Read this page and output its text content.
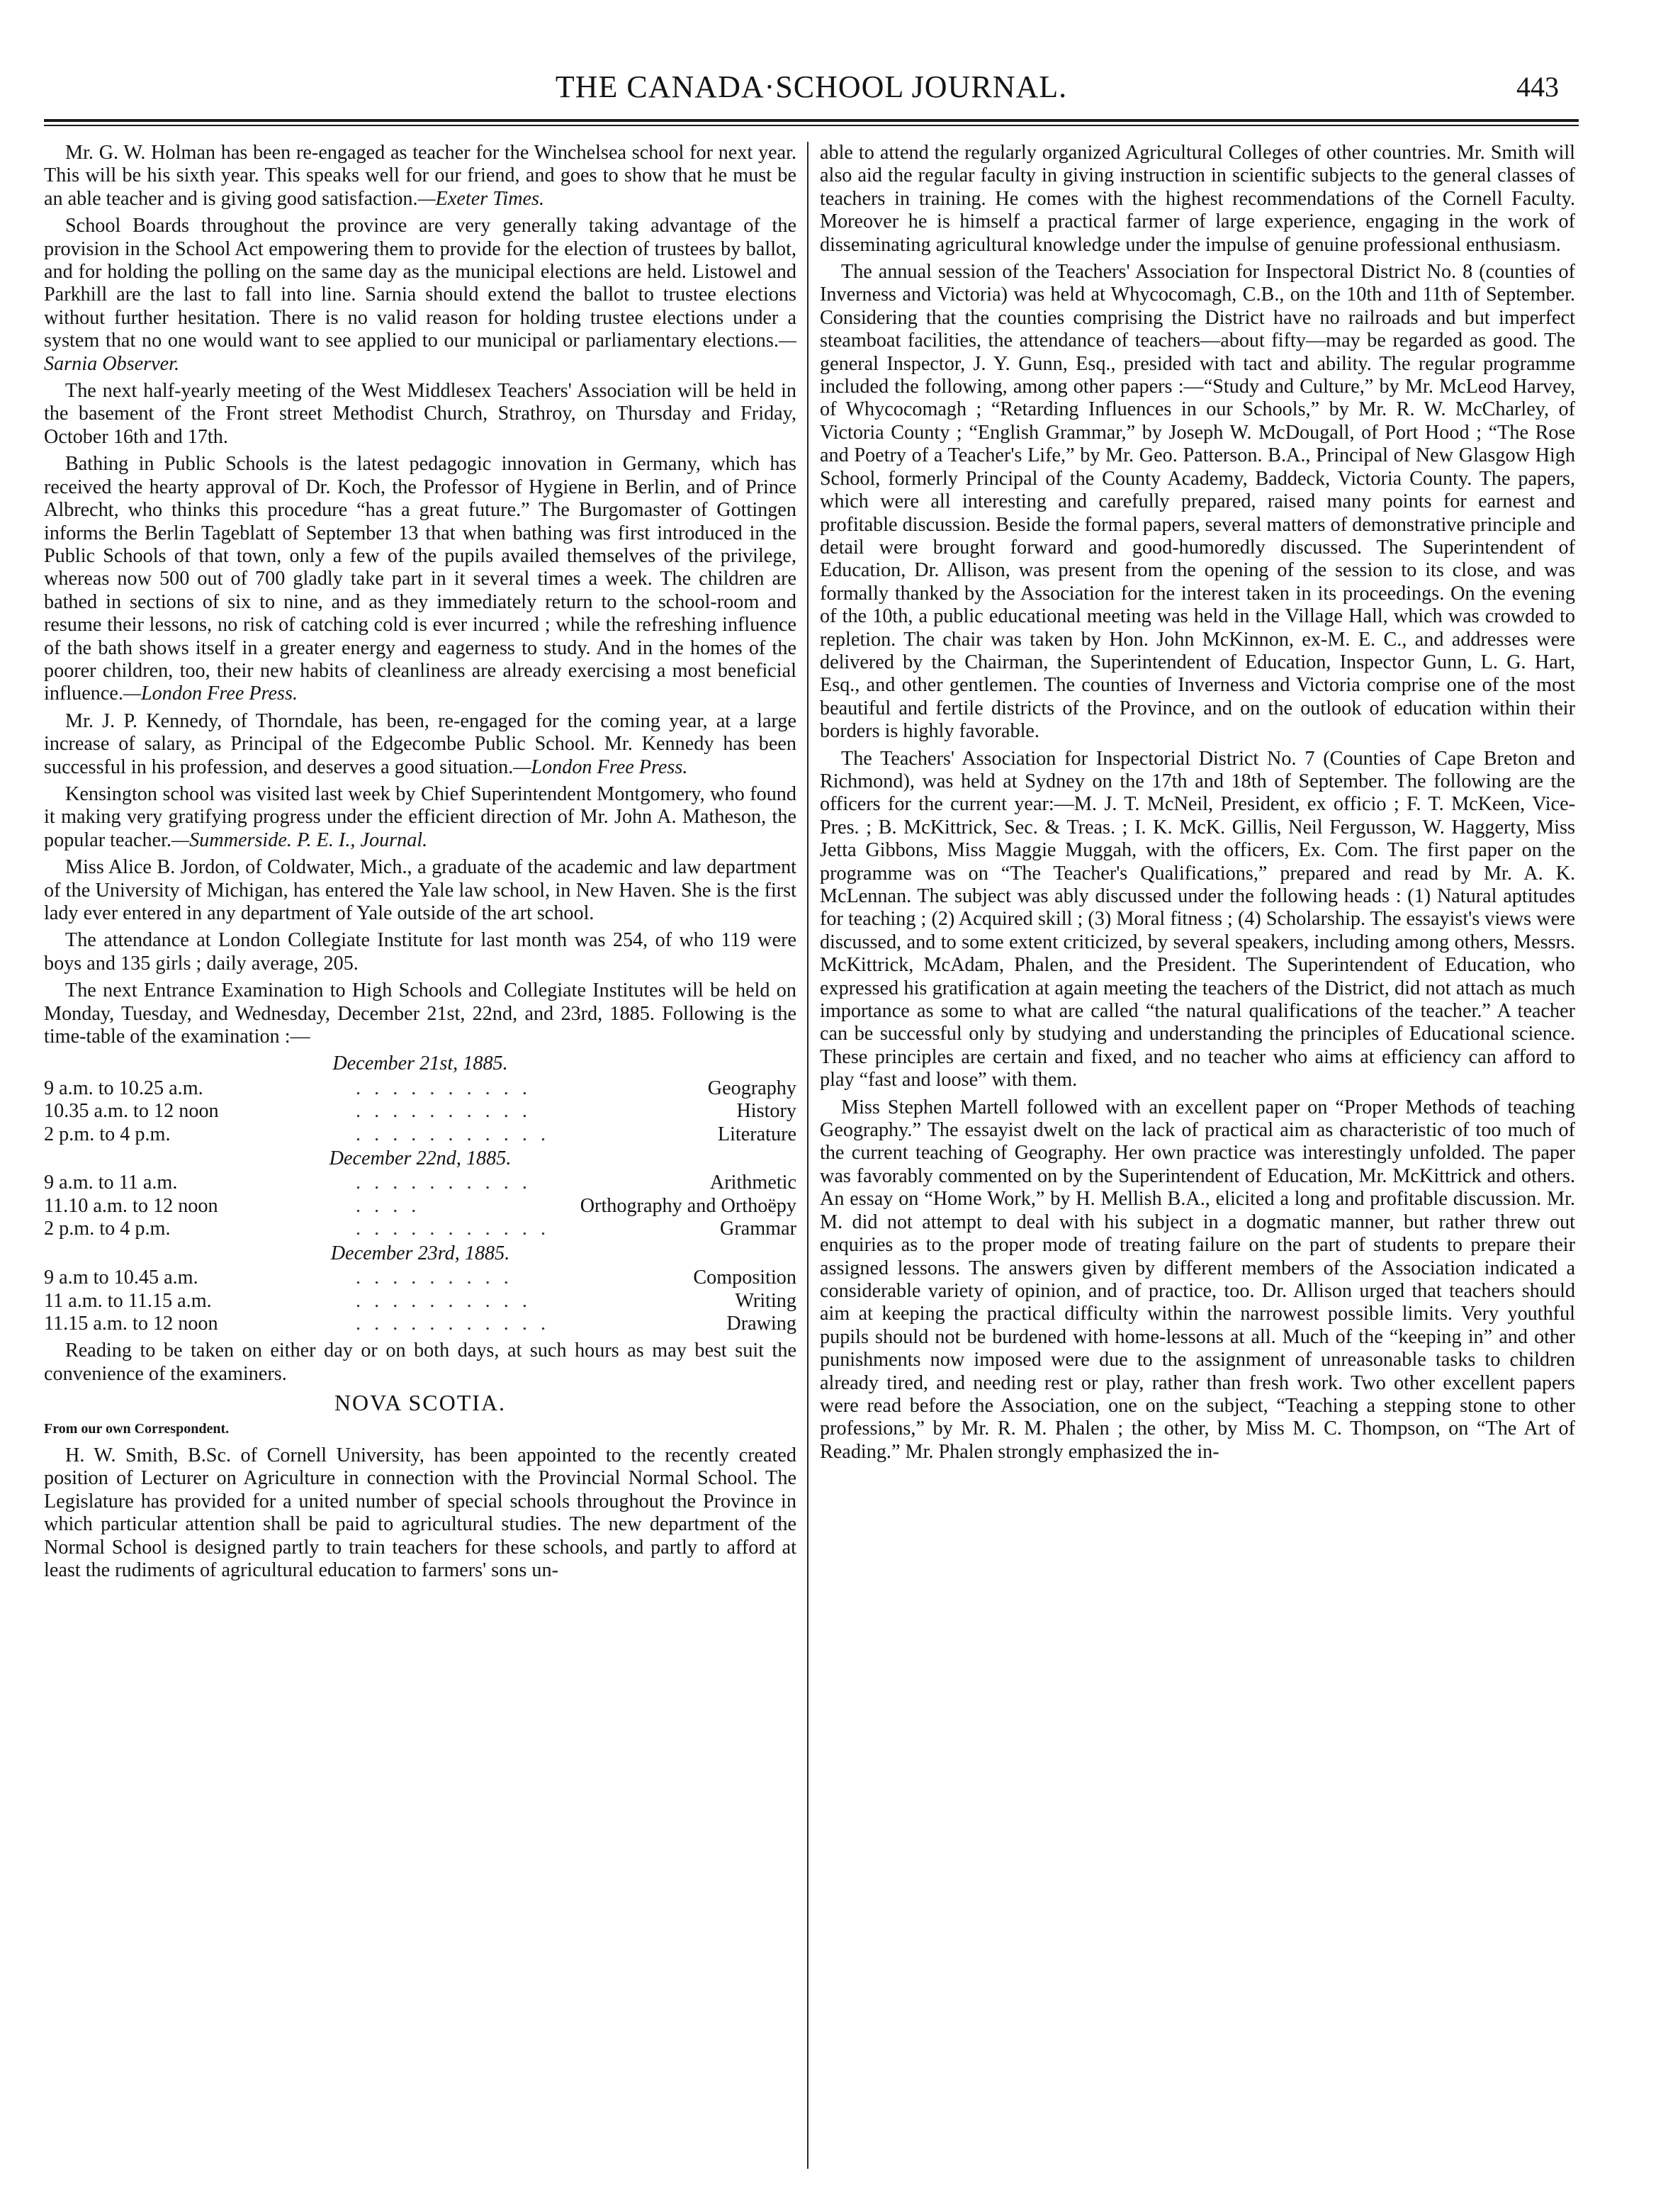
THE CANADA·SCHOOL JOURNAL.	443

Mr. G. W. Holman has been re-engaged as teacher for the Winchelsea school for next year. This will be his sixth year. This speaks well for our friend, and goes to show that he must be an able teacher and is giving good satisfaction.—Exeter Times.

School Boards throughout the province are very generally taking advantage of the provision in the School Act empowering them to provide for the election of trustees by ballot, and for holding the polling on the same day as the municipal elections are held. Listowel and Parkhill are the last to fall into line. Sarnia should extend the ballot to trustee elections without further hesitation. There is no valid reason for holding trustee elections under a system that no one would want to see applied to our municipal or parliamentary elections.—Sarnia Observer.

The next half-yearly meeting of the West Middlesex Teachers' Association will be held in the basement of the Front street Methodist Church, Strathroy, on Thursday and Friday, October 16th and 17th.

Bathing in Public Schools is the latest pedagogic innovation in Germany, which has received the hearty approval of Dr. Koch, the Professor of Hygiene in Berlin, and of Prince Albrecht, who thinks this procedure “has a great future.” The Burgomaster of Gottingen informs the Berlin Tageblatt of September 13 that when bathing was first introduced in the Public Schools of that town, only a few of the pupils availed themselves of the privilege, whereas now 500 out of 700 gladly take part in it several times a week. The children are bathed in sections of six to nine, and as they immediately return to the school-room and resume their lessons, no risk of catching cold is ever incurred ; while the refreshing influence of the bath shows itself in a greater energy and eagerness to study. And in the homes of the poorer children, too, their new habits of cleanliness are already exercising a most beneficial influence.—London Free Press.

Mr. J. P. Kennedy, of Thorndale, has been, re-engaged for the coming year, at a large increase of salary, as Principal of the Edgecombe Public School. Mr. Kennedy has been successful in his profession, and deserves a good situation.—London Free Press.

Kensington school was visited last week by Chief Superintendent Montgomery, who found it making very gratifying progress under the efficient direction of Mr. John A. Matheson, the popular teacher.—Summerside. P. E. I., Journal.

Miss Alice B. Jordon, of Coldwater, Mich., a graduate of the academic and law department of the University of Michigan, has entered the Yale law school, in New Haven. She is the first lady ever entered in any department of Yale outside of the art school.

The attendance at London Collegiate Institute for last month was 254, of who 119 were boys and 135 girls ; daily average, 205.

The next Entrance Examination to High Schools and Collegiate Institutes will be held on Monday, Tuesday, and Wednesday, December 21st, 22nd, and 23rd, 1885. Following is the time-table of the examination :—

December 21st, 1885.
9 a.m. to 10.25 a.m.	. . . . . . . . . .	Geography
10.35 a.m. to 12 noon	. . . . . . . . . .	History
2 p.m. to 4 p.m.	. . . . . . . . . . .	Literature
December 22nd, 1885.
9 a.m. to 11 a.m.	. . . . . . . . . .	Arithmetic
11.10 a.m. to 12 noon	. . . .	Orthography and Orthoëpy
2 p.m. to 4 p.m.	. . . . . . . . . . .	Grammar
December 23rd, 1885.
9 a.m to 10.45 a.m.	. . . . . . . . .	Composition
11 a.m. to 11.15 a.m.	. . . . . . . . . .	Writing
11.15 a.m. to 12 noon	. . . . . . . . . . .	Drawing

Reading to be taken on either day or on both days, at such hours as may best suit the convenience of the examiners.

NOVA SCOTIA.
From our own Correspondent.

H. W. Smith, B.Sc. of Cornell University, has been appointed to the recently created position of Lecturer on Agriculture in connection with the Provincial Normal School. The Legislature has provided for a united number of special schools throughout the Province in which particular attention shall be paid to agricultural studies. The new department of the Normal School is designed partly to train teachers for these schools, and partly to afford at least the rudiments of agricultural education to farmers' sons un-

able to attend the regularly organized Agricultural Colleges of other countries. Mr. Smith will also aid the regular faculty in giving instruction in scientific subjects to the general classes of teachers in training. He comes with the highest recommendations of the Cornell Faculty. Moreover he is himself a practical farmer of large experience, engaging in the work of disseminating agricultural knowledge under the impulse of genuine professional enthusiasm.

The annual session of the Teachers' Association for Inspectoral District No. 8 (counties of Inverness and Victoria) was held at Whycocomagh, C.B., on the 10th and 11th of September. Considering that the counties comprising the District have no railroads and but imperfect steamboat facilities, the attendance of teachers—about fifty—may be regarded as good. The general Inspector, J. Y. Gunn, Esq., presided with tact and ability. The regular programme included the following, among other papers :—“Study and Culture,” by Mr. McLeod Harvey, of Whycocomagh ; “Retarding Influences in our Schools,” by Mr. R. W. McCharley, of Victoria County ; “English Grammar,” by Joseph W. McDougall, of Port Hood ; “The Rose and Poetry of a Teacher's Life,” by Mr. Geo. Patterson. B.A., Principal of New Glasgow High School, formerly Principal of the County Academy, Baddeck, Victoria County. The papers, which were all interesting and carefully prepared, raised many points for earnest and profitable discussion. Beside the formal papers, several matters of demonstrative principle and detail were brought forward and good-humoredly discussed. The Superintendent of Education, Dr. Allison, was present from the opening of the session to its close, and was formally thanked by the Association for the interest taken in its proceedings. On the evening of the 10th, a public educational meeting was held in the Village Hall, which was crowded to repletion. The chair was taken by Hon. John McKinnon, ex-M. E. C., and addresses were delivered by the Chairman, the Superintendent of Education, Inspector Gunn, L. G. Hart, Esq., and other gentlemen. The counties of Inverness and Victoria comprise one of the most beautiful and fertile districts of the Province, and on the outlook of education within their borders is highly favorable.

The Teachers' Association for Inspectorial District No. 7 (Counties of Cape Breton and Richmond), was held at Sydney on the 17th and 18th of September. The following are the officers for the current year:—M. J. T. McNeil, President, ex officio ; F. T. McKeen, Vice-Pres. ; B. McKittrick, Sec. & Treas. ; I. K. McK. Gillis, Neil Fergusson, W. Haggerty, Miss Jetta Gibbons, Miss Maggie Muggah, with the officers, Ex. Com. The first paper on the programme was on “The Teacher's Qualifications,” prepared and read by Mr. A. K. McLennan. The subject was ably discussed under the following heads : (1) Natural aptitudes for teaching ; (2) Acquired skill ; (3) Moral fitness ; (4) Scholarship. The essayist's views were discussed, and to some extent criticized, by several speakers, including among others, Messrs. McKittrick, McAdam, Phalen, and the President. The Superintendent of Education, who expressed his gratification at again meeting the teachers of the District, did not attach as much importance as some to what are called “the natural qualifications of the teacher.” A teacher can be successful only by studying and understanding the principles of Educational science. These principles are certain and fixed, and no teacher who aims at efficiency can afford to play “fast and loose” with them.

Miss Stephen Martell followed with an excellent paper on “Proper Methods of teaching Geography.” The essayist dwelt on the lack of practical aim as characteristic of too much of the current teaching of Geography. Her own practice was interestingly unfolded. The paper was favorably commented on by the Superintendent of Education, Mr. McKittrick and others. An essay on “Home Work,” by H. Mellish B.A., elicited a long and profitable discussion. Mr. M. did not attempt to deal with his subject in a dogmatic manner, but rather threw out enquiries as to the proper mode of treating failure on the part of students to prepare their assigned lessons. The answers given by different members of the Association indicated a considerable variety of opinion, and of practice, too. Dr. Allison urged that teachers should aim at keeping the practical difficulty within the narrowest possible limits. Very youthful pupils should not be burdened with home-lessons at all. Much of the “keeping in” and other punishments now imposed were due to the assignment of unreasonable tasks to children already tired, and needing rest or play, rather than fresh work. Two other excellent papers were read before the Association, one on the subject, “Teaching a stepping stone to other professions,” by Mr. R. M. Phalen ; the other, by Miss M. C. Thompson, on “The Art of Reading.” Mr. Phalen strongly emphasized the in-
